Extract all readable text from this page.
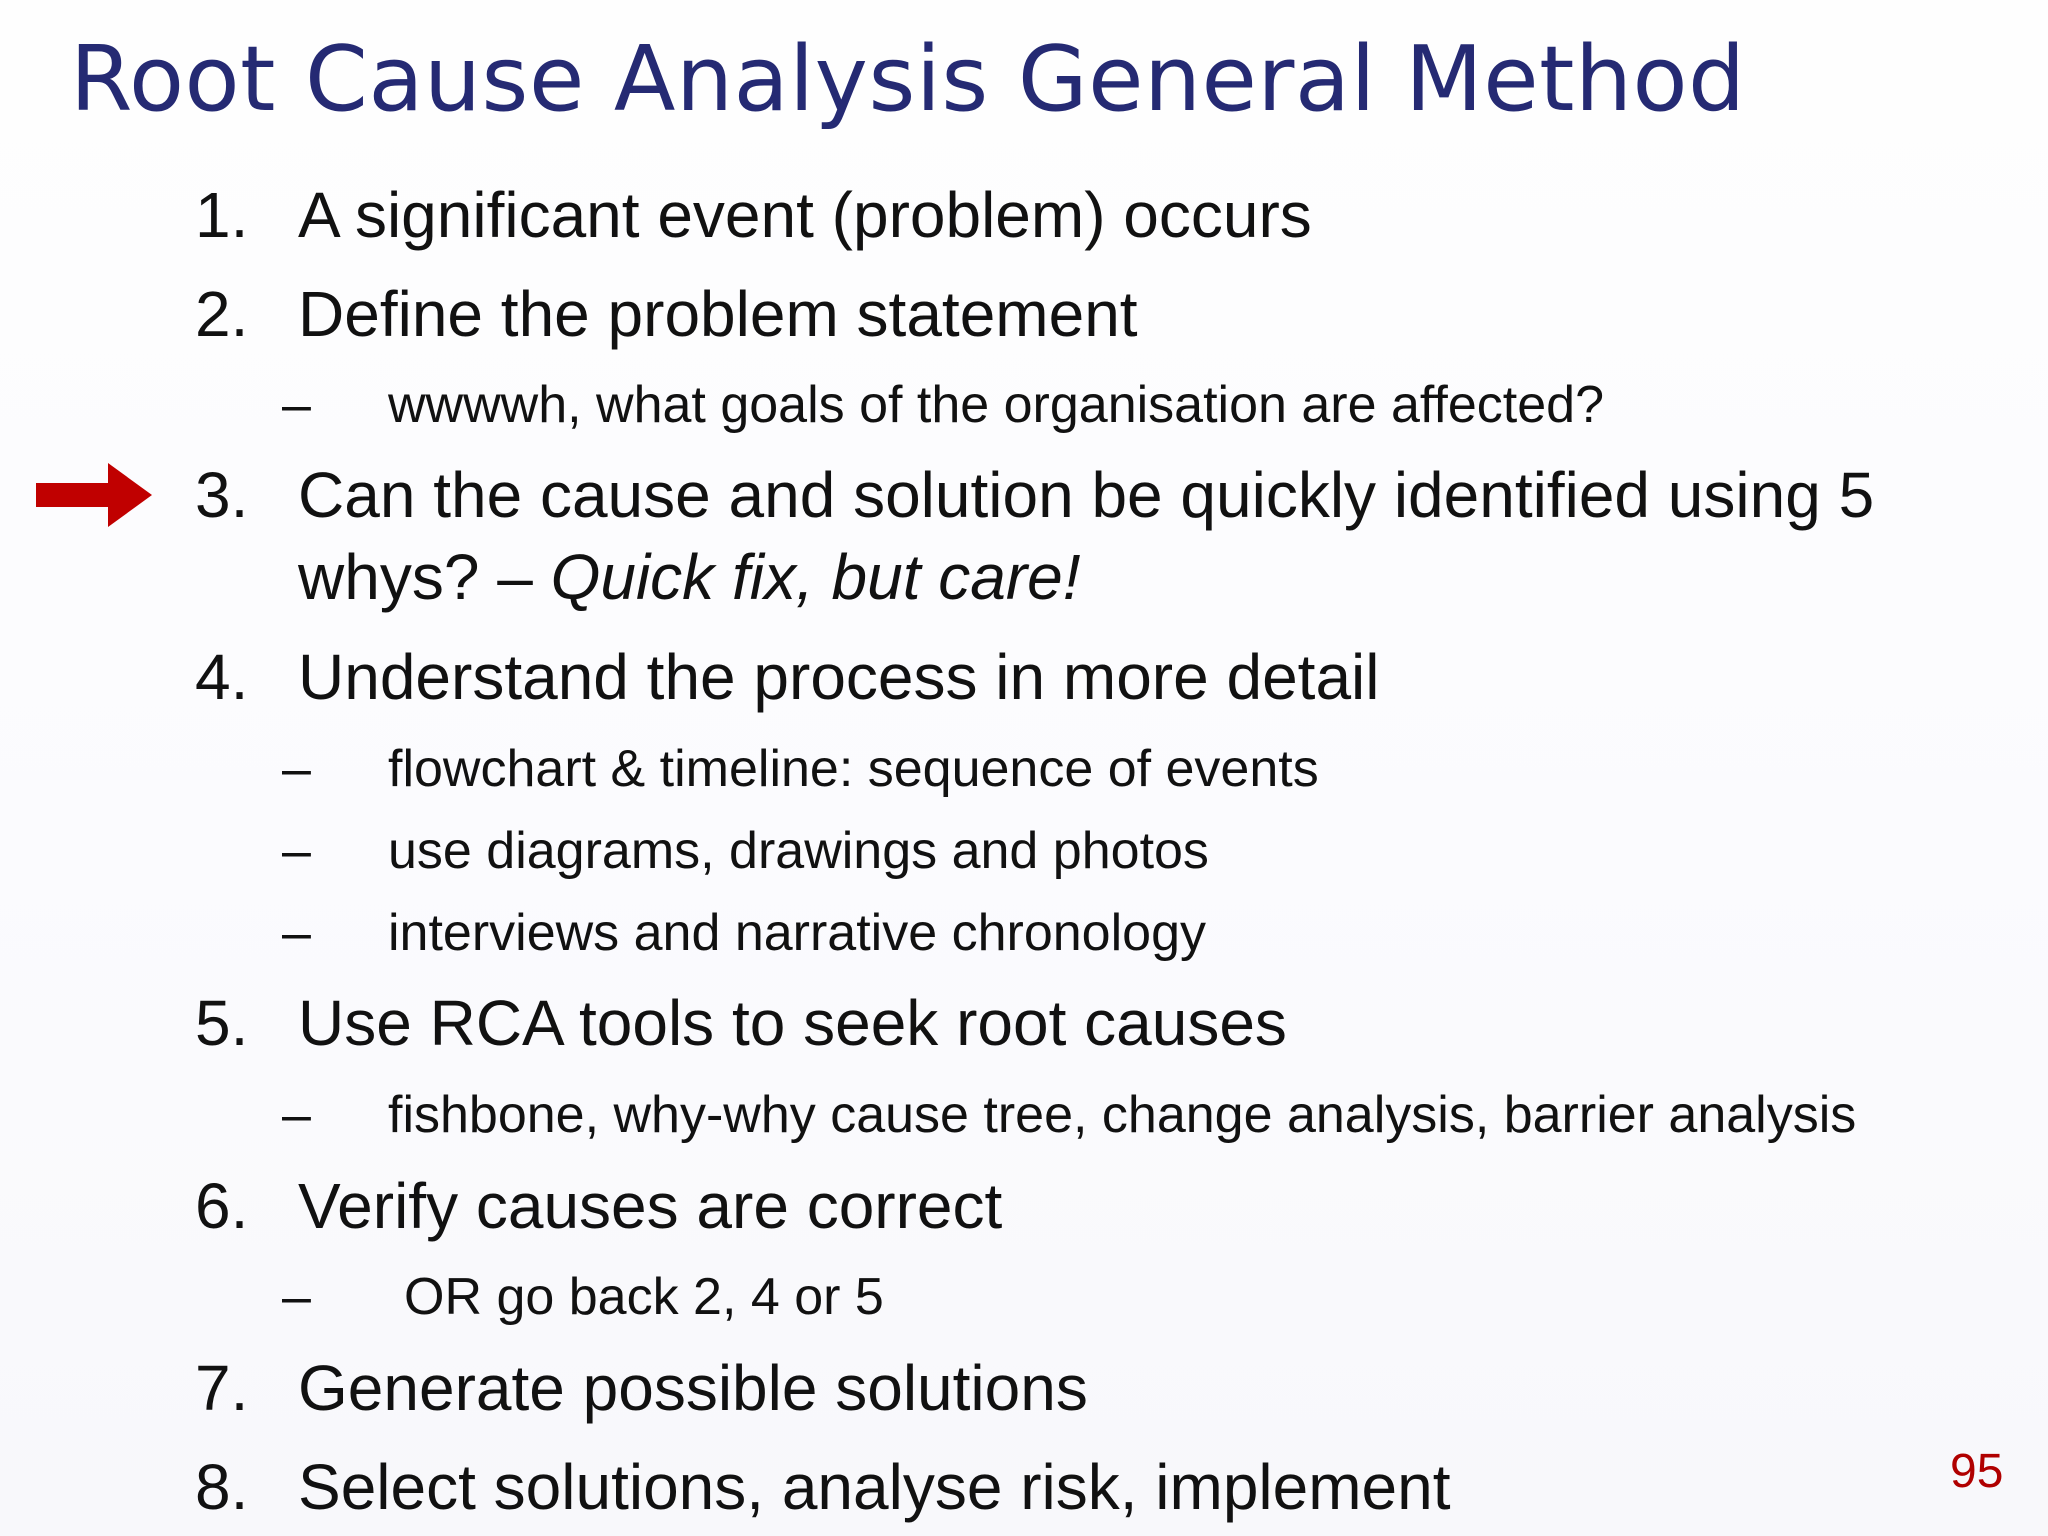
Root Cause Analysis General Method
1. A significant event (problem) occurs
2. Define the problem statement
– wwwwh, what goals of the organisation are affected?
3. Can the cause and solution be quickly identified using 5
whys? – Quick fix, but care!
4. Understand the process in more detail
– flowchart & timeline: sequence of events
– use diagrams, drawings and photos
– interviews and narrative chronology
5. Use RCA tools to seek root causes
– fishbone, why-why cause tree, change analysis, barrier analysis
6. Verify causes are correct
– OR go back 2, 4 or 5
7. Generate possible solutions
8. Select solutions, analyse risk, implement	95
